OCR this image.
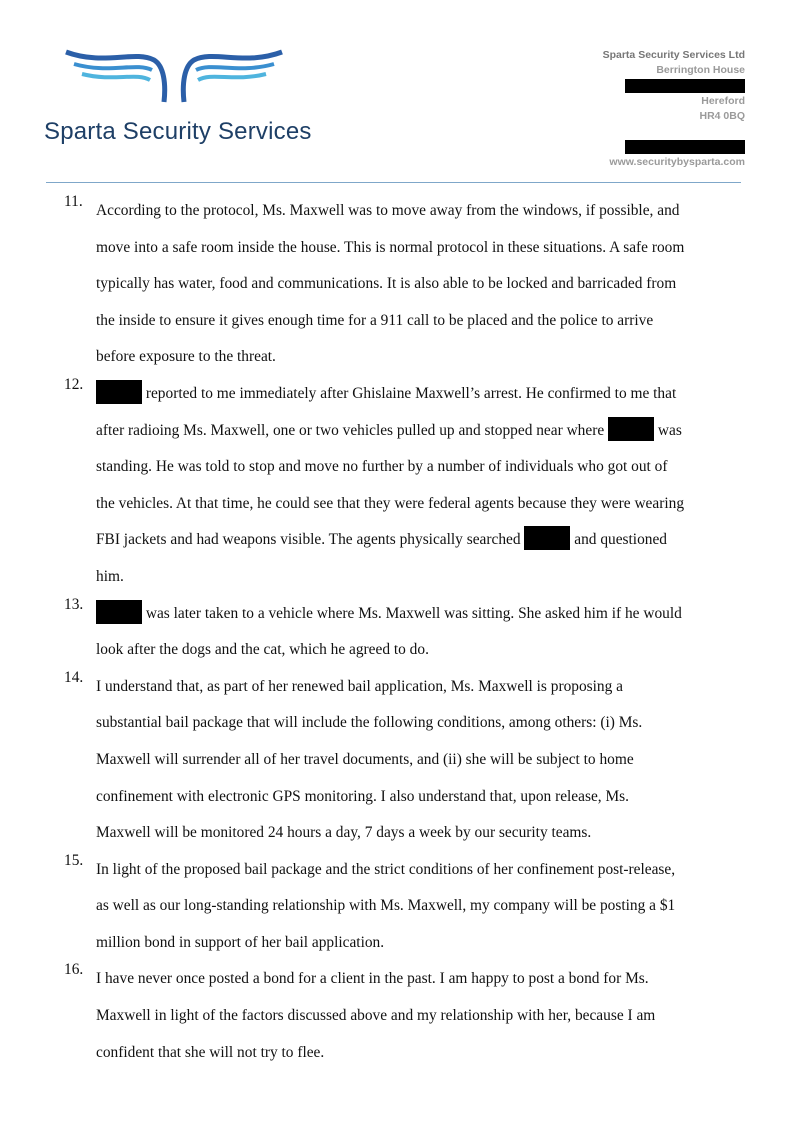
Sparta Security Services
Sparta Security Services Ltd
Berrington House
Hereford
HR4 0BQ
www.securitybysparta.com
11.
According to the protocol, Ms. Maxwell was to move away from the windows, if possible, and
move into a safe room inside the house. This is normal protocol in these situations. A safe room
typically has water, food and communications. It is also able to be locked and barricaded from
the inside to ensure it gives enough time for a 911 call to be placed and the police to arrive
before exposure to the threat.
12.
reported to me immediately after Ghislaine Maxwell’s arrest. He confirmed to me that
after radioing Ms. Maxwell, one or two vehicles pulled up and stopped near where	was
standing. He was told to stop and move no further by a number of individuals who got out of
the vehicles. At that time, he could see that they were federal agents because they were wearing
FBI jackets and had weapons visible. The agents physically searched	and questioned
him.
13.
was later taken to a vehicle where Ms. Maxwell was sitting. She asked him if he would
look after the dogs and the cat, which he agreed to do.
14.
I understand that, as part of her renewed bail application, Ms. Maxwell is proposing a
substantial bail package that will include the following conditions, among others: (i) Ms.
Maxwell will surrender all of her travel documents, and (ii) she will be subject to home
confinement with electronic GPS monitoring. I also understand that, upon release, Ms.
Maxwell will be monitored 24 hours a day, 7 days a week by our security teams.
15.
In light of the proposed bail package and the strict conditions of her confinement post-release,
as well as our long-standing relationship with Ms. Maxwell, my company will be posting a $1
million bond in support of her bail application.
16.
I have never once posted a bond for a client in the past. I am happy to post a bond for Ms.
Maxwell in light of the factors discussed above and my relationship with her, because I am
confident that she will not try to flee.
